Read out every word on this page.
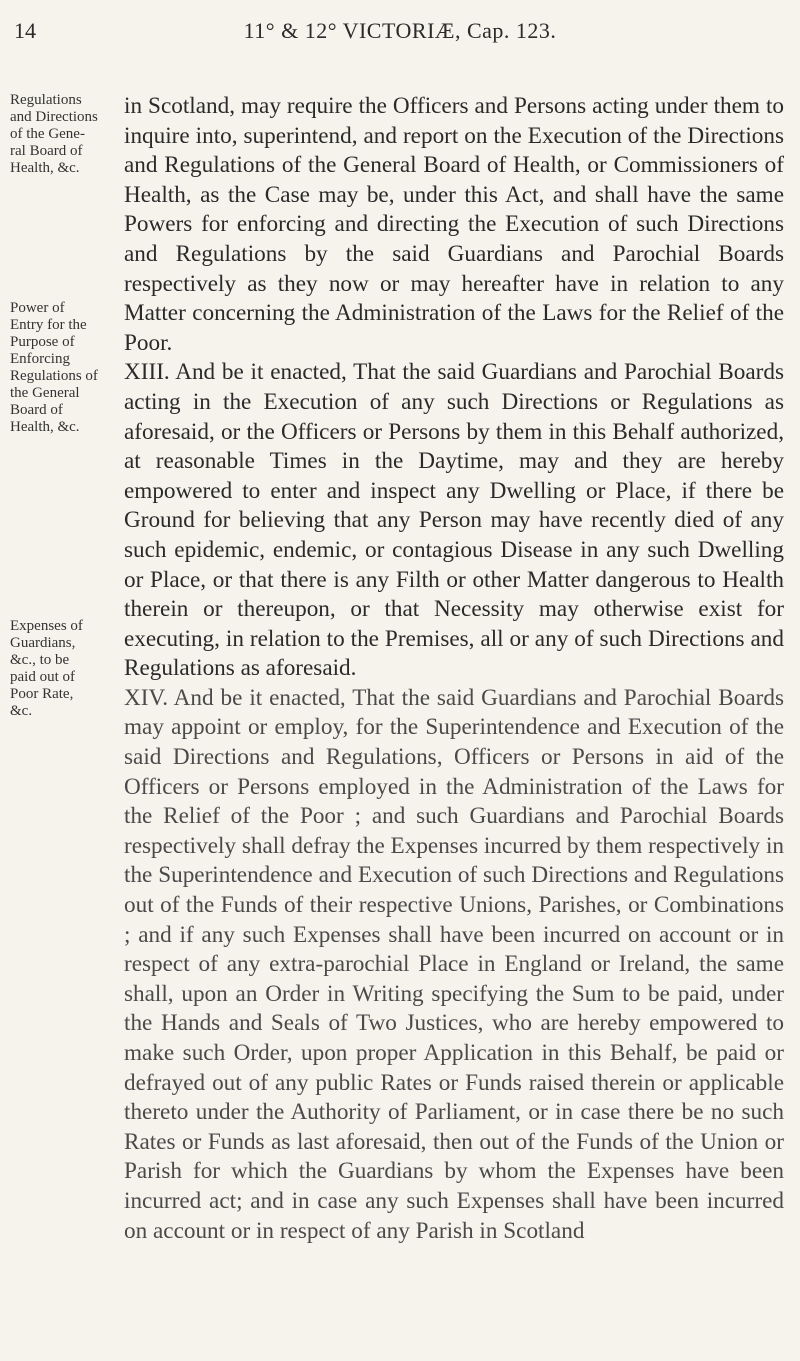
14	11° & 12° VICTORIÆ, Cap. 123.
Regulations
and Directions
of the Gene-
ral Board of
Health, &c.
Power of
Entry for the
Purpose of
Enforcing
Regulations of
the General
Board of
Health, &c.
Expenses of
Guardians,
&c., to be
paid out of
Poor Rate,
&c.

in Scotland, may require the Officers and Persons acting under them to inquire into, superintend, and report on the Execution of the Directions and Regulations of the General Board of Health, or Commissioners of Health, as the Case may be, under this Act, and shall have the same Powers for enforcing and directing the Execution of such Directions and Regulations by the said Guardians and Parochial Boards respectively as they now or may hereafter have in relation to any Matter concerning the Administration of the Laws for the Relief of the Poor.

XIII. And be it enacted, That the said Guardians and Parochial Boards acting in the Execution of any such Directions or Regulations as aforesaid, or the Officers or Persons by them in this Behalf authorized, at reasonable Times in the Daytime, may and they are hereby empowered to enter and inspect any Dwelling or Place, if there be Ground for believing that any Person may have recently died of any such epidemic, endemic, or contagious Disease in any such Dwelling or Place, or that there is any Filth or other Matter dangerous to Health therein or thereupon, or that Necessity may otherwise exist for executing, in relation to the Premises, all or any of such Directions and Regulations as aforesaid.

XIV. And be it enacted, That the said Guardians and Parochial Boards may appoint or employ, for the Superintendence and Execution of the said Directions and Regulations, Officers or Persons in aid of the Officers or Persons employed in the Administration of the Laws for the Relief of the Poor ; and such Guardians and Parochial Boards respectively shall defray the Expenses incurred by them respectively in the Superintendence and Execution of such Directions and Regulations out of the Funds of their respective Unions, Parishes, or Combinations ; and if any such Expenses shall have been incurred on account or in respect of any extra-parochial Place in England or Ireland, the same shall, upon an Order in Writing specifying the Sum to be paid, under the Hands and Seals of Two Justices, who are hereby empowered to make such Order, upon proper Application in this Behalf, be paid or defrayed out of any public Rates or Funds raised therein or applicable thereto under the Authority of Parliament, or in case there be no such Rates or Funds as last aforesaid, then out of the Funds of the Union or Parish for which the Guardians by whom the Expenses have been incurred act; and in case any such Expenses shall have been incurred on account or in respect of any Parish in Scotland
